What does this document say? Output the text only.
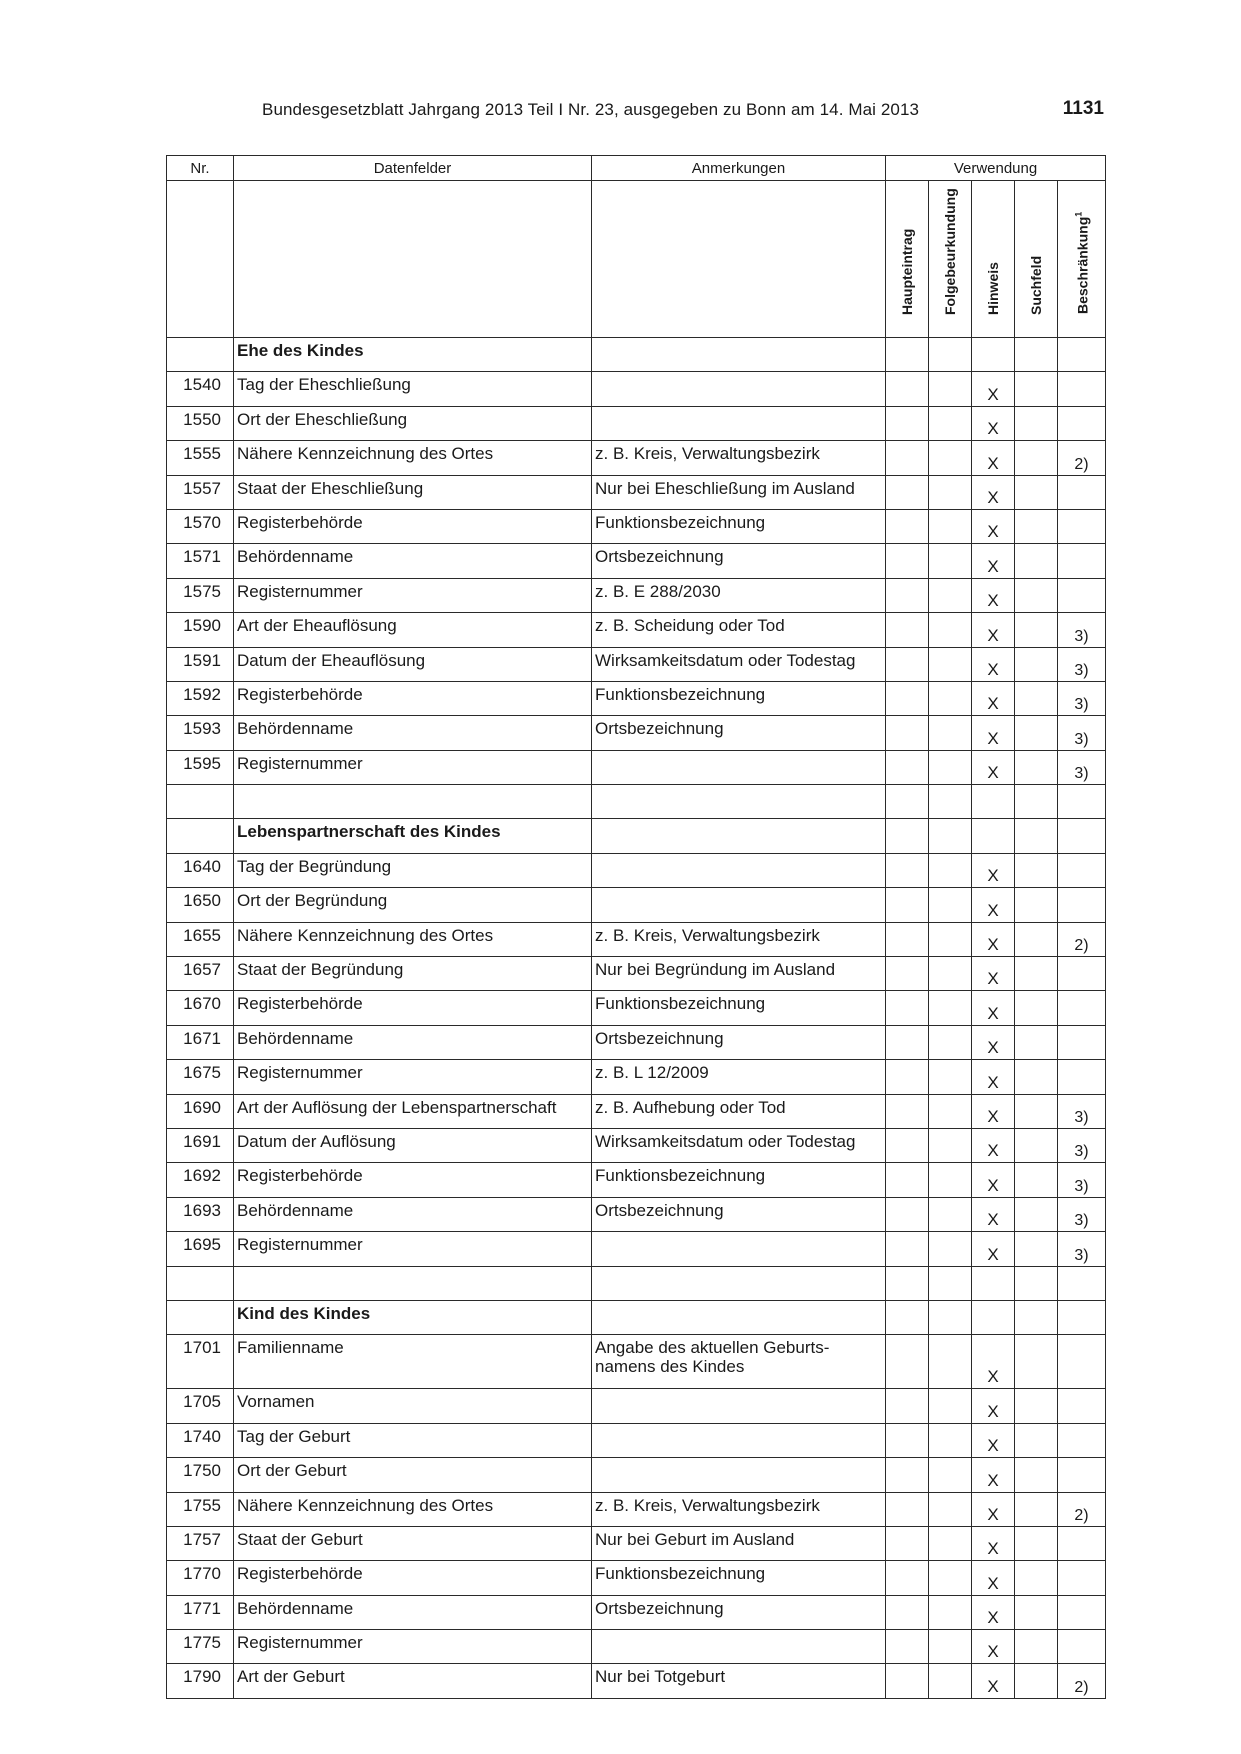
Bundesgesetzblatt Jahrgang 2013 Teil I Nr. 23, ausgegeben zu Bonn am 14. Mai 2013	1131
Nr.	Datenfelder	Anmerkungen	Verwendung				

			Haupteintrag	Folgebeurkundung	Hinweis	Suchfeld	Beschränkung$^1$

	Ehe des Kindes						
1540	Tag der Eheschließung				X		
1550	Ort der Eheschließung				X		
1555	Nähere Kennzeichnung des Ortes	z. B. Kreis, Verwaltungsbezirk			X		2)
1557	Staat der Eheschließung	Nur bei Eheschließung im Ausland			X		
1570	Registerbehörde	Funktionsbezeichnung			X		
1571	Behördenname	Ortsbezeichnung			X		
1575	Registernummer	z. B. E 288/2030			X		
1590	Art der Eheauflösung	z. B. Scheidung oder Tod			X		3)
1591	Datum der Eheauflösung	Wirksamkeitsdatum oder Todestag			X		3)
1592	Registerbehörde	Funktionsbezeichnung			X		3)
1593	Behördenname	Ortsbezeichnung			X		3)
1595	Registernummer				X		3)

	Lebenspartnerschaft des Kindes						
1640	Tag der Begründung				X		
1650	Ort der Begründung				X		
1655	Nähere Kennzeichnung des Ortes	z. B. Kreis, Verwaltungsbezirk			X		2)
1657	Staat der Begründung	Nur bei Begründung im Ausland			X		
1670	Registerbehörde	Funktionsbezeichnung			X		
1671	Behördenname	Ortsbezeichnung			X		
1675	Registernummer	z. B. L 12/2009			X		
1690	Art der Auflösung der Lebenspartnerschaft	z. B. Aufhebung oder Tod			X		3)
1691	Datum der Auflösung	Wirksamkeitsdatum oder Todestag			X		3)
1692	Registerbehörde	Funktionsbezeichnung			X		3)
1693	Behördenname	Ortsbezeichnung			X		3)
1695	Registernummer				X		3)

	Kind des Kindes						
1701	Familienname	Angabe des aktuellen Geburts-
namens des Kindes			X		
1705	Vornamen				X		
1740	Tag der Geburt				X		
1750	Ort der Geburt				X		
1755	Nähere Kennzeichnung des Ortes	z. B. Kreis, Verwaltungsbezirk			X		2)
1757	Staat der Geburt	Nur bei Geburt im Ausland			X		
1770	Registerbehörde	Funktionsbezeichnung			X		
1771	Behördenname	Ortsbezeichnung			X		
1775	Registernummer				X		
1790	Art der Geburt	Nur bei Totgeburt			X		2)
